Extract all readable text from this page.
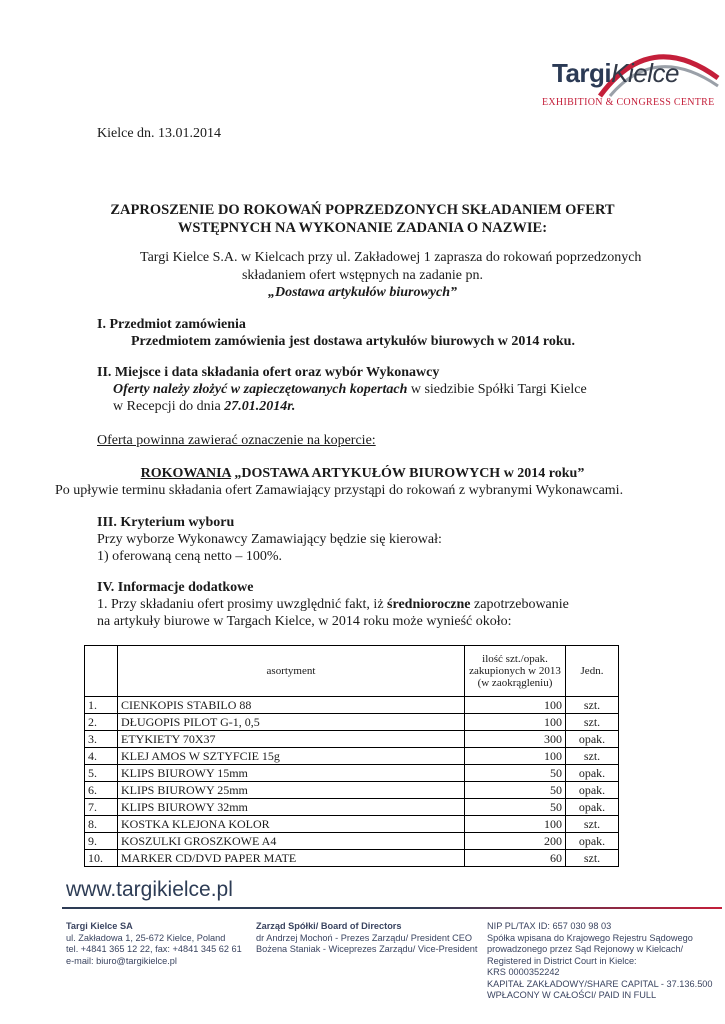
TargiKielce
EXHIBITION & CONGRESS CENTRE
Kielce dn. 13.01.2014
ZAPROSZENIE DO ROKOWAŃ POPRZEDZONYCH SKŁADANIEM OFERT
WSTĘPNYCH NA WYKONANIE ZADANIA O NAZWIE:
Targi Kielce S.A. w Kielcach przy ul. Zakładowej 1 zaprasza do rokowań poprzedzonych
składaniem ofert wstępnych na zadanie pn.
„Dostawa artykułów biurowych”
I. Przedmiot zamówienia
Przedmiotem zamówienia jest dostawa artykułów biurowych w 2014 roku.
II. Miejsce i data składania ofert oraz wybór Wykonawcy
Oferty należy złożyć w zapieczętowanych kopertach w siedzibie Spółki Targi Kielce
w Recepcji do dnia 27.01.2014r.
Oferta powinna zawierać oznaczenie na kopercie:
ROKOWANIA „DOSTAWA ARTYKUŁÓW BIUROWYCH w 2014 roku”
Po upływie terminu składania ofert Zamawiający przystąpi do rokowań z wybranymi Wykonawcami.
III. Kryterium wyboru
Przy wyborze Wykonawcy Zamawiający będzie się kierował:
1) oferowaną ceną netto – 100%.
IV. Informacje dodatkowe
1. Przy składaniu ofert prosimy uwzględnić fakt, iż średnioroczne zapotrzebowanie
na artykuły biurowe w Targach Kielce, w 2014 roku może wynieść około:
	asortyment	ilość szt./opak. zakupionych w 2013 (w zaokrągleniu)	Jedn.
1.	CIENKOPIS STABILO 88	100	szt.
2.	DŁUGOPIS PILOT G-1, 0,5	100	szt.
3.	ETYKIETY 70X37	300	opak.
4.	KLEJ AMOS W SZTYFCIE 15g	100	szt.
5.	KLIPS BIUROWY 15mm	50	opak.
6.	KLIPS BIUROWY 25mm	50	opak.
7.	KLIPS BIUROWY 32mm	50	opak.
8.	KOSTKA KLEJONA KOLOR	100	szt.
9.	KOSZULKI GROSZKOWE A4	200	opak.
10.	MARKER CD/DVD PAPER MATE	60	szt.
www.targikielce.pl
Targi Kielce SA
ul. Zakładowa 1, 25-672 Kielce, Poland
tel. +4841 365 12 22, fax: +4841 345 62 61
e-mail: biuro@targikielce.pl
Zarząd Spółki/ Board of Directors
dr Andrzej Mochoń - Prezes Zarządu/ President CEO
Bożena Staniak - Wiceprezes Zarządu/ Vice-President
NIP PL/TAX ID: 657 030 98 03
Spółka wpisana do Krajowego Rejestru Sądowego
prowadzonego przez Sąd Rejonowy w Kielcach/
Registered in District Court in Kielce:
KRS 0000352242
KAPITAŁ ZAKŁADOWY/SHARE CAPITAL - 37.136.500
WPŁACONY W CAŁOŚCI/ PAID IN FULL
